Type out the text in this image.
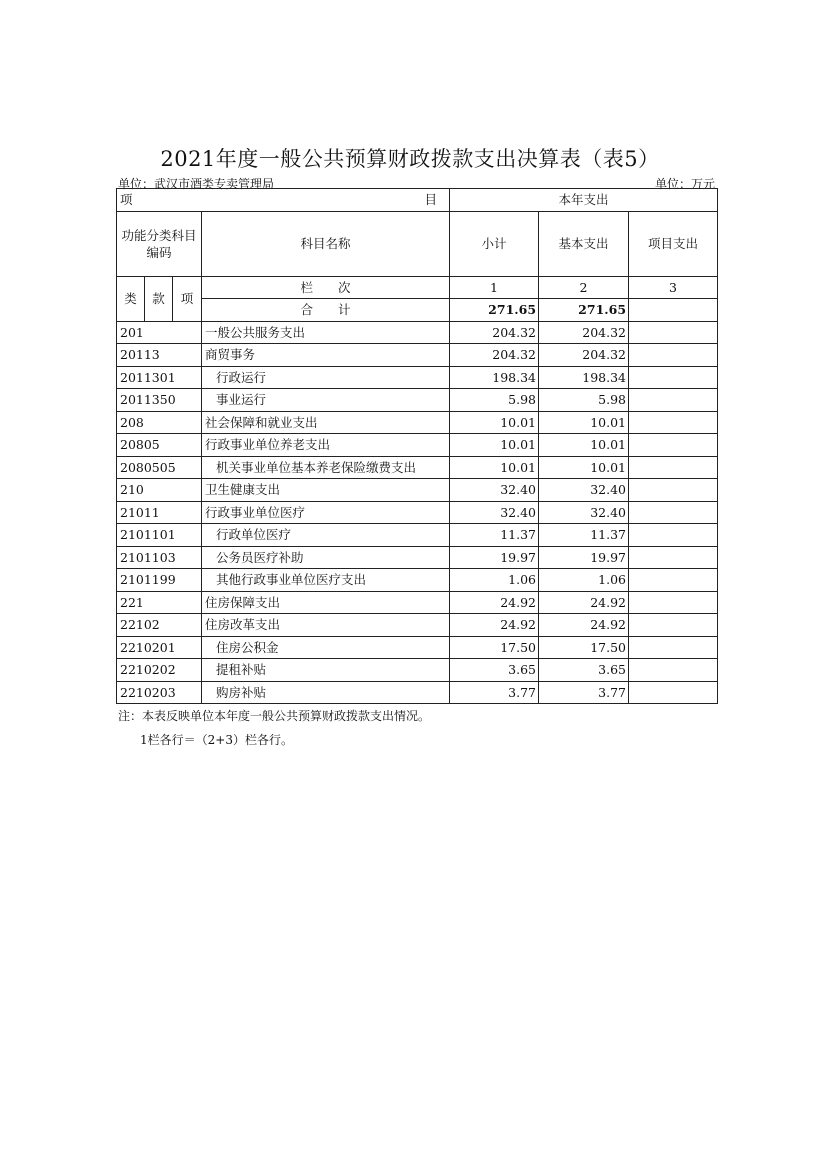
2021年度一般公共预算财政拨款支出决算表（表5）
单位：武汉市酒类专卖管理局	单位：万元
项 目				本年支出		
功能分类科目编码			科目名称	小计	基本支出	项目支出
类	款	项	栏　　次	1	2	3
			合　　计	271.65	271.65	
201			一般公共服务支出	204.32	204.32	
20113			商贸事务	204.32	204.32	
2011301			行政运行	198.34	198.34	
2011350			事业运行	5.98	5.98	
208			社会保障和就业支出	10.01	10.01	
20805			行政事业单位养老支出	10.01	10.01	
2080505			机关事业单位基本养老保险缴费支出	10.01	10.01	
210			卫生健康支出	32.40	32.40	
21011			行政事业单位医疗	32.40	32.40	
2101101			行政单位医疗	11.37	11.37	
2101103			公务员医疗补助	19.97	19.97	
2101199			其他行政事业单位医疗支出	1.06	1.06	
221			住房保障支出	24.92	24.92	
22102			住房改革支出	24.92	24.92	
2210201			住房公积金	17.50	17.50	
2210202			提租补贴	3.65	3.65	
2210203			购房补贴	3.77	3.77	
注：本表反映单位本年度一般公共预算财政拨款支出情况。
1栏各行＝（2+3）栏各行。
